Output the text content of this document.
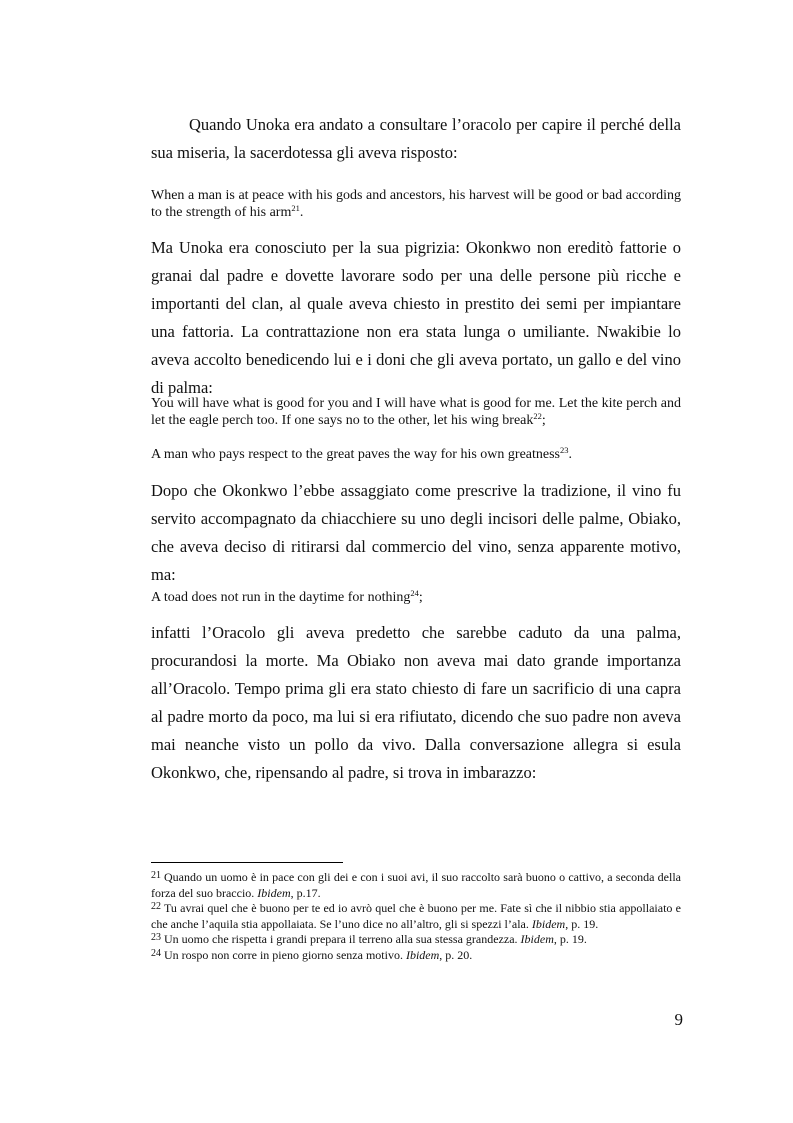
Quando Unoka era andato a consultare l’oracolo per capire il perché della sua miseria, la sacerdotessa gli aveva risposto:

When a man is at peace with his gods and ancestors, his harvest will be good or bad according to the strength of his arm$^{21}$.

Ma Unoka era conosciuto per la sua pigrizia: Okonkwo non ereditò fattorie o granai dal padre e dovette lavorare sodo per una delle persone più ricche e importanti del clan, al quale aveva chiesto in prestito dei semi per impiantare una fattoria. La contrattazione non era stata lunga o umiliante. Nwakibie lo aveva accolto benedicendo lui e i doni che gli aveva portato, un gallo e del vino di palma:

You will have what is good for you and I will have what is good for me. Let the kite perch and let the eagle perch too. If one says no to the other, let his wing break$^{22}$;

A man who pays respect to the great paves the way for his own greatness$^{23}$.

Dopo che Okonkwo l’ebbe assaggiato come prescrive la tradizione, il vino fu servito accompagnato da chiacchiere su uno degli incisori delle palme, Obiako, che aveva deciso di ritirarsi dal commercio del vino, senza apparente motivo, ma:

A toad does not run in the daytime for nothing$^{24}$;

infatti l’Oracolo gli aveva predetto che sarebbe caduto da una palma, procurandosi la morte. Ma Obiako non aveva mai dato grande importanza all’Oracolo. Tempo prima gli era stato chiesto di fare un sacrificio di una capra al padre morto da poco, ma lui si era rifiutato, dicendo che suo padre non aveva mai neanche visto un pollo da vivo. Dalla conversazione allegra si esula Okonkwo, che, ripensando al padre, si trova in imbarazzo:

$^{21}$ Quando un uomo è in pace con gli dei e con i suoi avi, il suo raccolto sarà buono o cattivo, a seconda della forza del suo braccio. Ibidem, p.17.

$^{22}$ Tu avrai quel che è buono per te ed io avrò quel che è buono per me. Fate sì che il nibbio stia appollaiato e che anche l’aquila stia appollaiata. Se l’uno dice no all’altro, gli si spezzi l’ala. Ibidem, p. 19.

$^{23}$ Un uomo che rispetta i grandi prepara il terreno alla sua stessa grandezza. Ibidem, p. 19.

$^{24}$ Un rospo non corre in pieno giorno senza motivo. Ibidem, p. 20.

9
